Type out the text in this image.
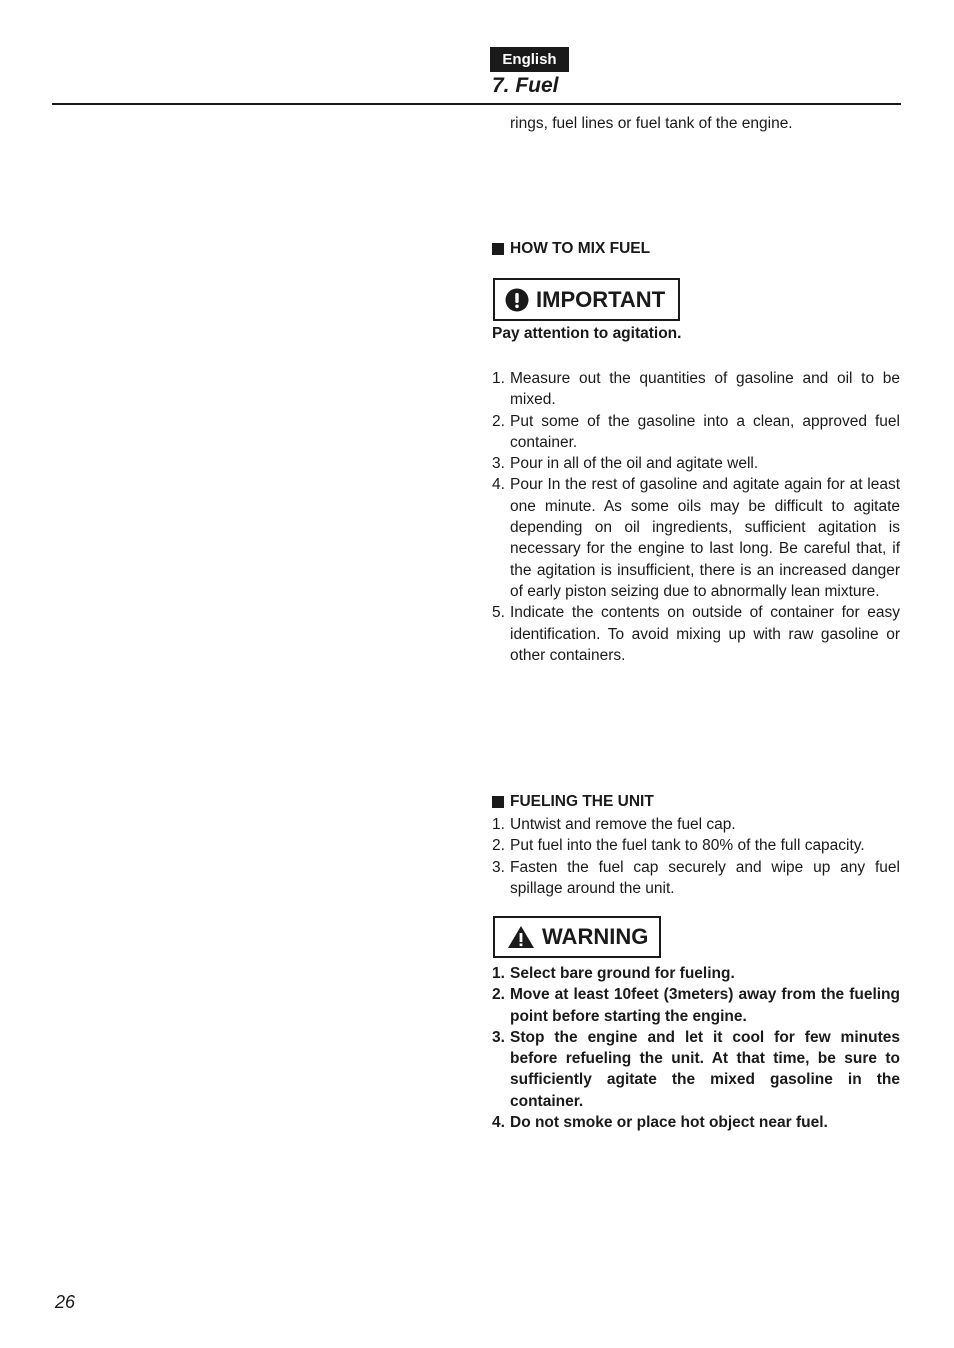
English
7. Fuel
rings, fuel lines or fuel tank of the engine.
HOW TO MIX FUEL
IMPORTANT
Pay attention to agitation.
1. Measure out the quantities of gasoline and oil to be mixed.
2. Put some of the gasoline into a clean, approved fuel container.
3. Pour in all of the oil and agitate well.
4. Pour In the rest of gasoline and agitate again for at least one minute. As some oils may be difficult to agitate depending on oil ingredients, sufficient agitation is necessary for the engine to last long. Be careful that, if the agitation is insufficient, there is an increased danger of early piston seizing due to abnormally lean mixture.
5. Indicate the contents on outside of container for easy identification. To avoid mixing up with raw gasoline or other containers.
FUELING THE UNIT
1. Untwist and remove the fuel cap.
2. Put fuel into the fuel tank to 80% of the full capacity.
3. Fasten the fuel cap securely and wipe up any fuel spillage around the unit.
WARNING
1. Select bare ground for fueling.
2. Move at least 10feet (3meters) away from the fueling point before starting the engine.
3. Stop the engine and let it cool for few minutes before refueling the unit. At that time, be sure to sufficiently agitate the mixed gasoline in the container.
4. Do not smoke or place hot object near fuel.
26
